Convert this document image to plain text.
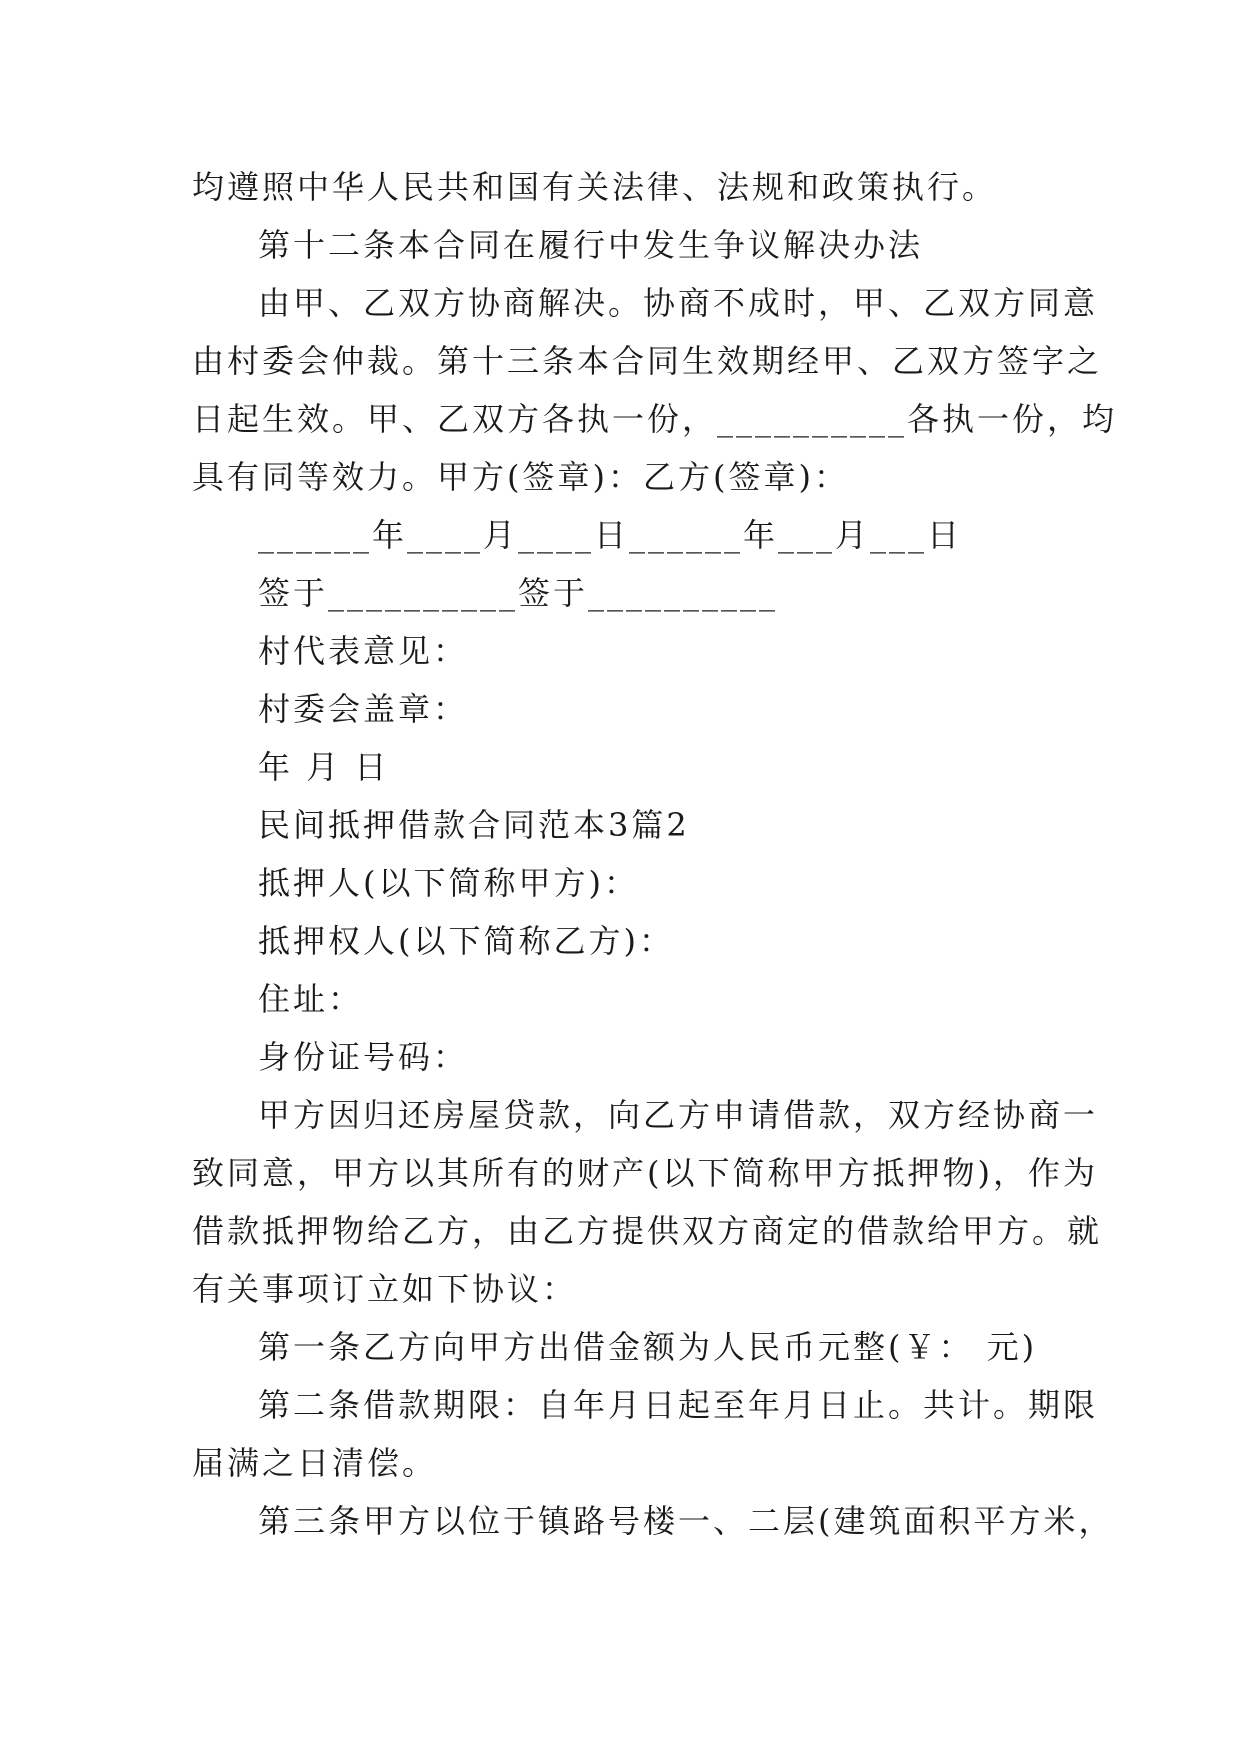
均遵照中华人民共和国有关法律、法规和政策执行。
第十二条本合同在履行中发生争议解决办法
由甲、乙双方协商解决。协商不成时，甲、乙双方同意
由村委会仲裁。第十三条本合同生效期经甲、乙双方签字之
日起生效。甲、乙双方各执一份，__________各执一份，均
具有同等效力。甲方(签章)：乙方(签章)：
______年____月____日______年___月___日
签于__________签于__________
村代表意见：
村委会盖章：
年 月 日
民间抵押借款合同范本3篇2
抵押人(以下简称甲方)：
抵押权人(以下简称乙方)：
住址：
身份证号码：
甲方因归还房屋贷款，向乙方申请借款，双方经协商一
致同意，甲方以其所有的财产(以下简称甲方抵押物)，作为
借款抵押物给乙方，由乙方提供双方商定的借款给甲方。就
有关事项订立如下协议：
第一条乙方向甲方出借金额为人民币元整(￥： 元)
第二条借款期限：自年月日起至年月日止。共计。期限
届满之日清偿。
第三条甲方以位于镇路号楼一、二层(建筑面积平方米，
